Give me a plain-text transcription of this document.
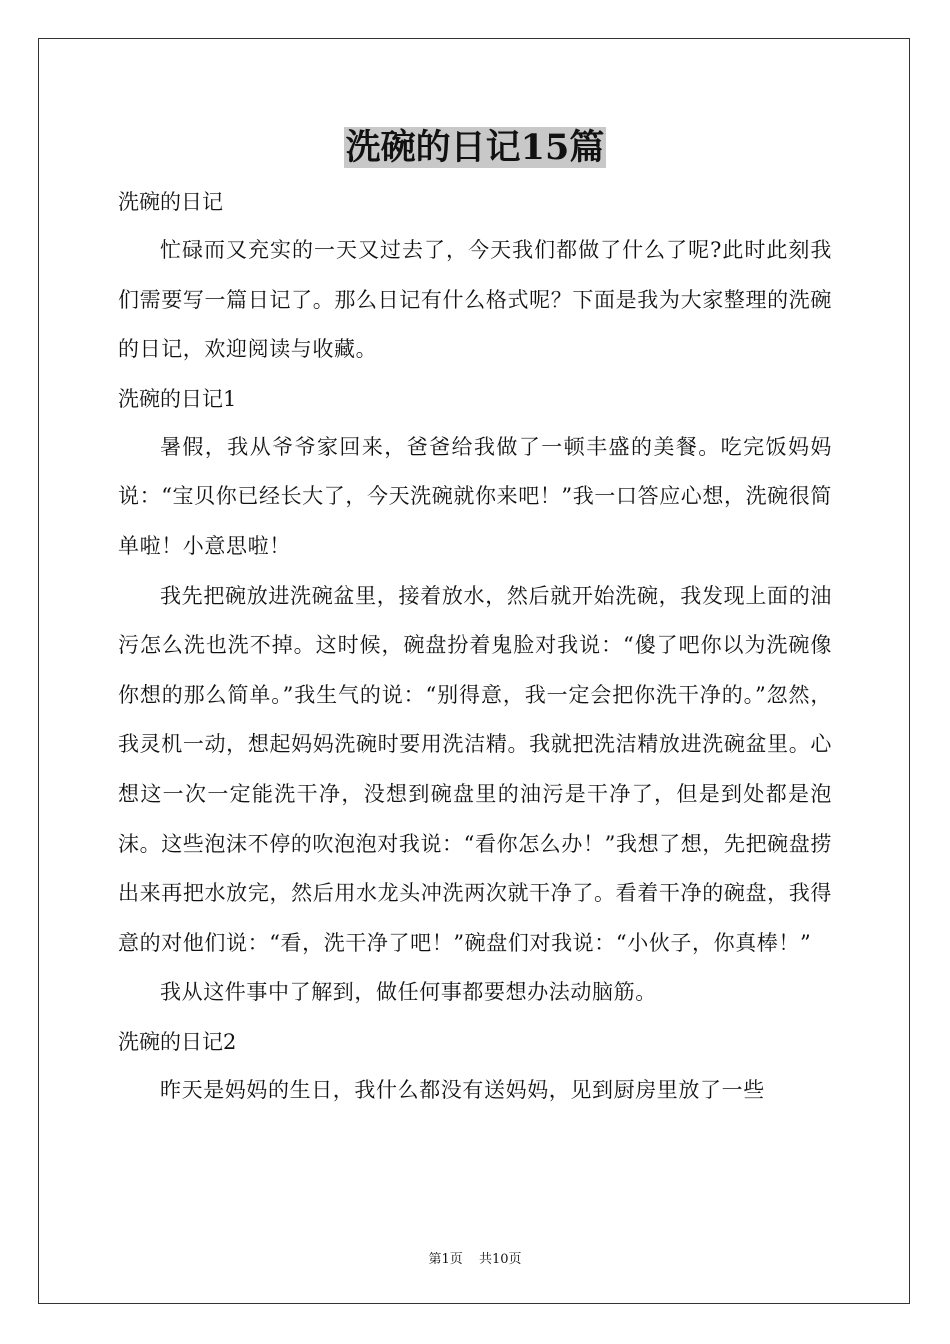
洗碗的日记15篇
洗碗的日记

忙碌而又充实的一天又过去了，今天我们都做了什么了呢?此时此刻我们需要写一篇日记了。那么日记有什么格式呢？下面是我为大家整理的洗碗的日记，欢迎阅读与收藏。

洗碗的日记1

暑假，我从爷爷家回来，爸爸给我做了一顿丰盛的美餐。吃完饭妈妈说：“宝贝你已经长大了，今天洗碗就你来吧！”我一口答应心想，洗碗很简单啦！小意思啦！

我先把碗放进洗碗盆里，接着放水，然后就开始洗碗，我发现上面的油污怎么洗也洗不掉。这时候，碗盘扮着鬼脸对我说：“傻了吧你以为洗碗像你想的那么简单。”我生气的说：“别得意，我一定会把你洗干净的。”忽然，我灵机一动，想起妈妈洗碗时要用洗洁精。我就把洗洁精放进洗碗盆里。心想这一次一定能洗干净，没想到碗盘里的油污是干净了，但是到处都是泡沫。这些泡沫不停的吹泡泡对我说：“看你怎么办！”我想了想，先把碗盘捞出来再把水放完，然后用水龙头冲洗两次就干净了。看着干净的碗盘，我得意的对他们说：“看，洗干净了吧！”碗盘们对我说：“小伙子，你真棒！”

我从这件事中了解到，做任何事都要想办法动脑筋。

洗碗的日记2

昨天是妈妈的生日，我什么都没有送妈妈，见到厨房里放了一些

第1页 共10页
